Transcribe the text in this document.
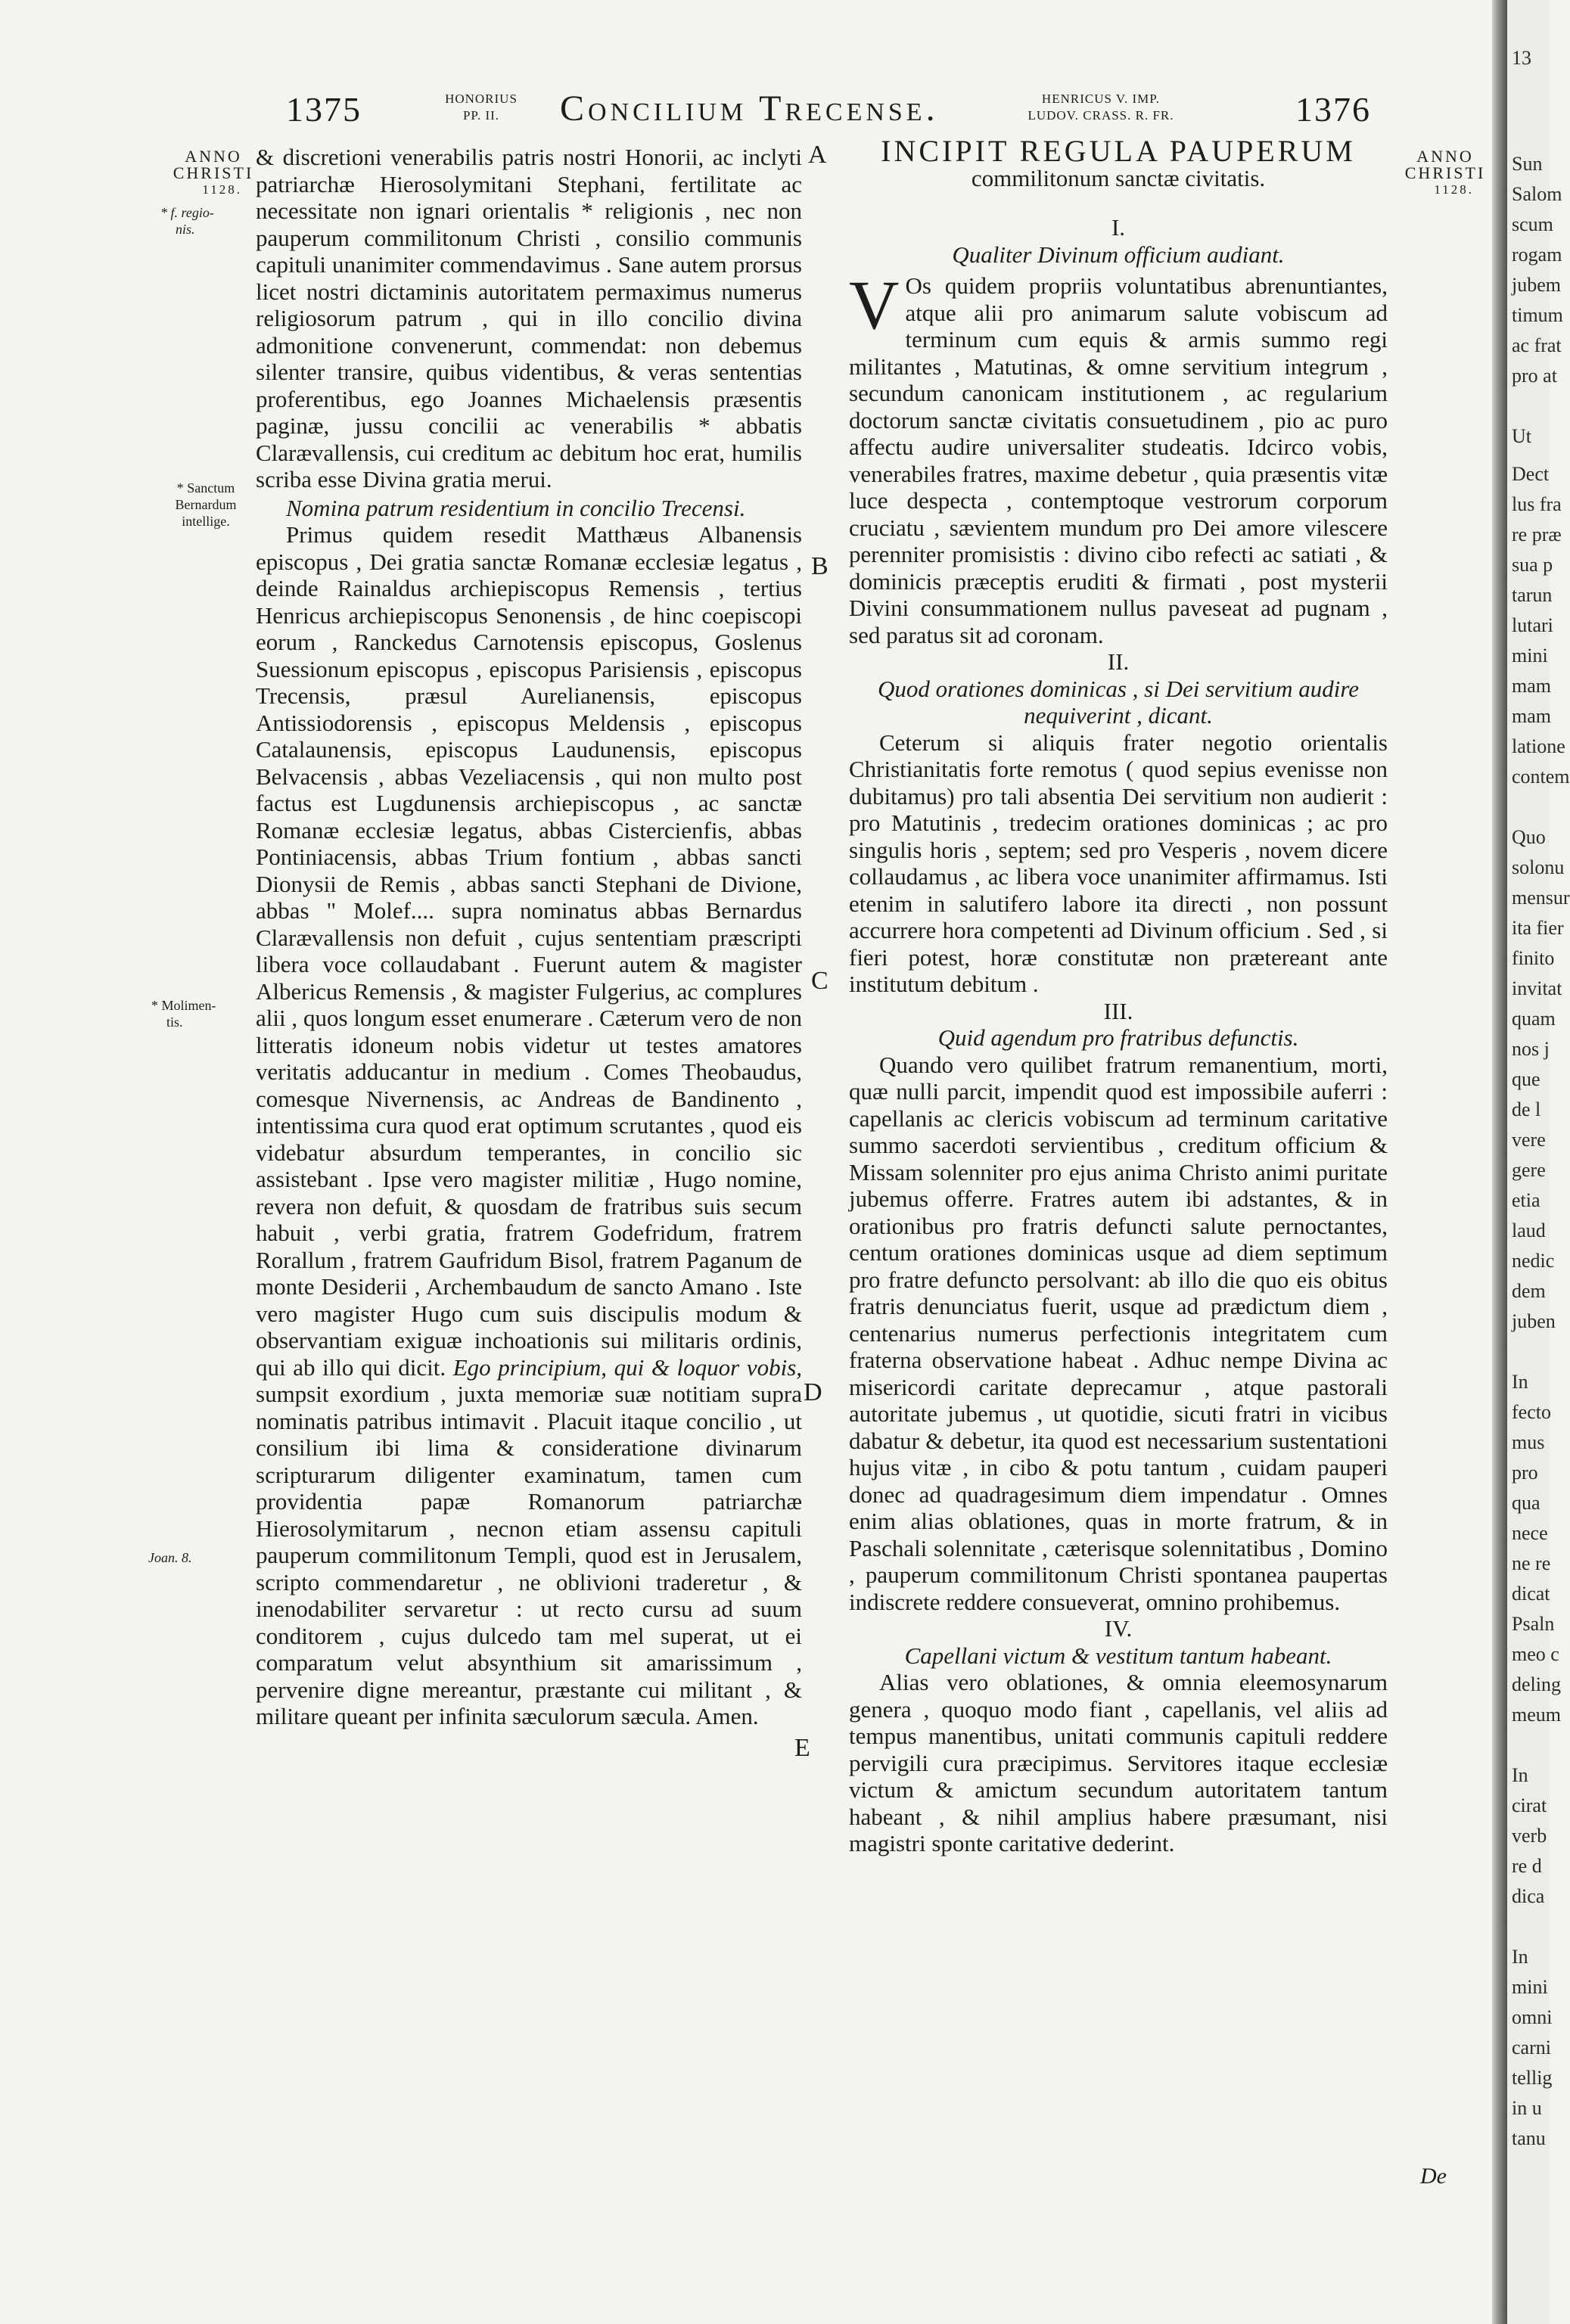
1375	HONORIUS
PP. II.	Concilium Trecense.	HENRICUS V. IMP.
LUDOV. CRASS. R. FR.	1376
ANNO
CHRISTI
1128.
* f. regio-
nis.
* Sanctum
Bernardum
intellige.
* Molimen-
tis.
Joan. 8.

& discretioni venerabilis patris nostri Honorii, ac inclyti patriarchæ Hierosolymitani Stephani, fertilitate ac necessitate non ignari orientalis * religionis , nec non pauperum commilitonum Christi , consilio communis capituli unanimiter commendavimus . Sane autem prorsus licet nostri dictaminis autoritatem permaximus numerus religiosorum patrum , qui in illo concilio divina admonitione convenerunt, commendat: non debemus silenter transire, quibus videntibus, & veras sententias proferentibus, ego Joannes Michaelensis præsentis paginæ, jussu concilii ac venerabilis * abbatis Clarævallensis, cui creditum ac debitum hoc erat, humilis scriba esse Divina gratia merui.

Nomina patrum residentium in concilio Trecensi.

Primus quidem resedit Matthæus Albanensis episcopus , Dei gratia sanctæ Romanæ ecclesiæ legatus , deinde Rainaldus archiepiscopus Remensis , tertius Henricus archiepiscopus Senonensis , de hinc coepiscopi eorum , Ranckedus Carnotensis episcopus, Goslenus Suessionum episcopus , episcopus Parisiensis , episcopus Trecensis, præsul Aurelianensis, episcopus Antissiodorensis , episcopus Meldensis , episcopus Catalaunensis, episcopus Laudunensis, episcopus Belvacensis , abbas Vezeliacensis , qui non multo post factus est Lugdunensis archiepiscopus , ac sanctæ Romanæ ecclesiæ legatus, abbas Cistercienfis, abbas Pontiniacensis, abbas Trium fontium , abbas sancti Dionysii de Remis , abbas sancti Stephani de Divione, abbas " Molef.... supra nominatus abbas Bernardus Clarævallensis non defuit , cujus sententiam præscripti libera voce collaudabant . Fuerunt autem & magister Albericus Remensis , & magister Fulgerius, ac complures alii , quos longum esset enumerare . Cæterum vero de non litteratis idoneum nobis videtur ut testes amatores veritatis adducantur in medium . Comes Theobaudus, comesque Nivernensis, ac Andreas de Bandinento , intentissima cura quod erat optimum scrutantes , quod eis videbatur absurdum temperantes, in concilio sic assistebant . Ipse vero magister militiæ , Hugo nomine, revera non defuit, & quosdam de fratribus suis secum habuit , verbi gratia, fratrem Godefridum, fratrem Rorallum , fratrem Gaufridum Bisol, fratrem Paganum de monte Desiderii , Archembaudum de sancto Amano . Iste vero magister Hugo cum suis discipulis modum & observantiam exiguæ inchoationis sui militaris ordinis, qui ab illo qui dicit. Ego principium, qui & loquor vobis, sumpsit exordium , juxta memoriæ suæ notitiam supra nominatis patribus intimavit . Placuit itaque concilio , ut consilium ibi lima & consideratione divinarum scripturarum diligenter examinatum, tamen cum providentia papæ Romanorum patriarchæ Hierosolymitarum , necnon etiam assensu capituli pauperum commilitonum Templi, quod est in Jerusalem, scripto commendaretur , ne oblivioni traderetur , & inenodabiliter servaretur : ut recto cursu ad suum conditorem , cujus dulcedo tam mel superat, ut ei comparatum velut absynthium sit amarissimum , pervenire digne mereantur, præstante cui militant , & militare queant per infinita sæculorum sæcula. Amen.

A
B
C
D
E

INCIPIT REGULA PAUPERUM

commilitonum sanctæ civitatis.

I.

Qualiter Divinum officium audiant.

V Os quidem propriis voluntatibus abrenuntiantes, atque alii pro animarum salute vobiscum ad terminum cum equis & armis summo regi militantes , Matutinas, & omne servitium integrum , secundum canonicam institutionem , ac regularium doctorum sanctæ civitatis consuetudinem , pio ac puro affectu audire universaliter studeatis. Idcirco vobis, venerabiles fratres, maxime debetur , quia præsentis vitæ luce despecta , contemptoque vestrorum corporum cruciatu , sævientem mundum pro Dei amore vilescere perenniter promisistis : divino cibo refecti ac satiati , & dominicis præceptis eruditi & firmati , post mysterii Divini consummationem nullus paveseat ad pugnam , sed paratus sit ad coronam.

II.

Quod orationes dominicas , si Dei servitium audire nequiverint , dicant.

Ceterum si aliquis frater negotio orientalis Christianitatis forte remotus ( quod sepius evenisse non dubitamus) pro tali absentia Dei servitium non audierit : pro Matutinis , tredecim orationes dominicas ; ac pro singulis horis , septem; sed pro Vesperis , novem dicere collaudamus , ac libera voce unanimiter affirmamus. Isti etenim in salutifero labore ita directi , non possunt accurrere hora competenti ad Divinum officium . Sed , si fieri potest, horæ constitutæ non prætereant ante institutum debitum .

III.

Quid agendum pro fratribus defunctis.

Quando vero quilibet fratrum remanentium, morti, quæ nulli parcit, impendit quod est impossibile auferri : capellanis ac clericis vobiscum ad terminum caritative summo sacerdoti servientibus , creditum officium & Missam solenniter pro ejus anima Christo animi puritate jubemus offerre. Fratres autem ibi adstantes, & in orationibus pro fratris defuncti salute pernoctantes, centum orationes dominicas usque ad diem septimum pro fratre defuncto persolvant: ab illo die quo eis obitus fratris denunciatus fuerit, usque ad prædictum diem , centenarius numerus perfectionis integritatem cum fraterna observatione habeat . Adhuc nempe Divina ac misericordi caritate deprecamur , atque pastorali autoritate jubemus , ut quotidie, sicuti fratri in vicibus dabatur & debetur, ita quod est necessarium sustentationi hujus vitæ , in cibo & potu tantum , cuidam pauperi donec ad quadragesimum diem impendatur . Omnes enim alias oblationes, quas in morte fratrum, & in Paschali solennitate , cæterisque solennitatibus , Domino , pauperum commilitonum Christi spontanea paupertas indiscrete reddere consueverat, omnino prohibemus.

IV.

Capellani victum & vestitum tantum habeant.

Alias vero oblationes, & omnia eleemosynarum genera , quoquo modo fiant , capellanis, vel aliis ad tempus manentibus, unitati communis capituli reddere pervigili cura præcipimus. Servitores itaque ecclesiæ victum & amictum secundum autoritatem tantum habeant , & nihil amplius habere præsumant, nisi magistri sponte caritative dederint.

De
ANNO
CHRISTI
1128.
13
Sun
Salom
scum
rogam
jubem
timum
ac frat
pro at
Ut
Dect
lus fra
re præ
sua p
tarun
lutari
mini
mam
mam
latione
contem
Quo
solonu
mensur
ita fier
finito
invitat
quam
nos j
que
de l
vere
gere
etia
laud
nedic
dem
juben
In
fecto
mus
pro
qua
nece
ne re
dicat
Psaln
meo c
deling
meum
In
cirat
verb
re d
dica
In
mini
omni
carni
tellig
in u
tanu
